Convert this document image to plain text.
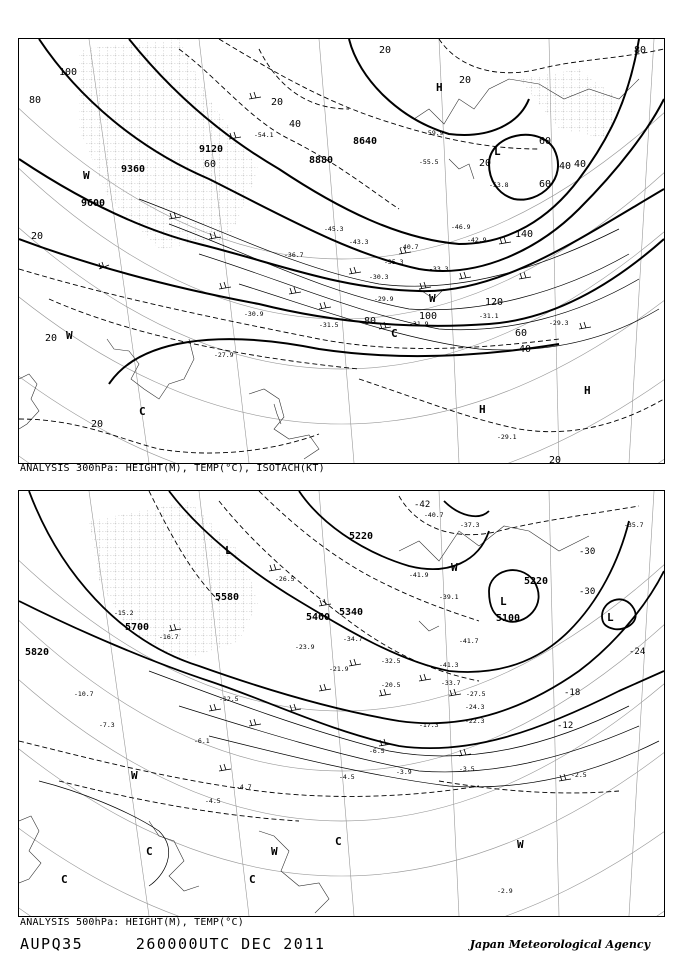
9600
9360
9120
8880
8640
100
80
60
40
20
20
20
20
20
20
40
60
80	100
120
140
60
40
20
40
60
80
20
-54.1	-59.9
-53.8
-45.3
-43.3
-40.7
-36.7
-35.3
-33.3
-30.3
-29.9
-31.9
-31.5
-30.9
-27.9
-29.3
-29.1
-31.1
-55.5
-46.9
-42.9
H
L
W
W
W
C
C	H
H
ANALYSIS 300hPa: HEIGHT(M), TEMP(°C), ISOTACH(KT)
5820
5700
5580
5460 5340
5220
5220
5100
-42
-40.7
-37.3	-35.7
-30
-30
-24
-18
-12
-41.9
-39.1
-41.7
-41.3
-33.7
-27.5
-24.3
-22.3
-17.3
-6.5
-4.5
-3.9	-3.5
-2.5
-2.9
-10.7
-7.3
-6.1
-4.5
-4.7
-12.5
-15.2
-16.7
-23.9
-26.5
-34.7
-32.5
-20.5
-21.9
L
L
L
W
W
W
W
C
C	C
C
ANALYSIS 500hPa: HEIGHT(M), TEMP(°C)
AUPQ35	260000UTC DEC 2011	Japan Meteorological Agency
